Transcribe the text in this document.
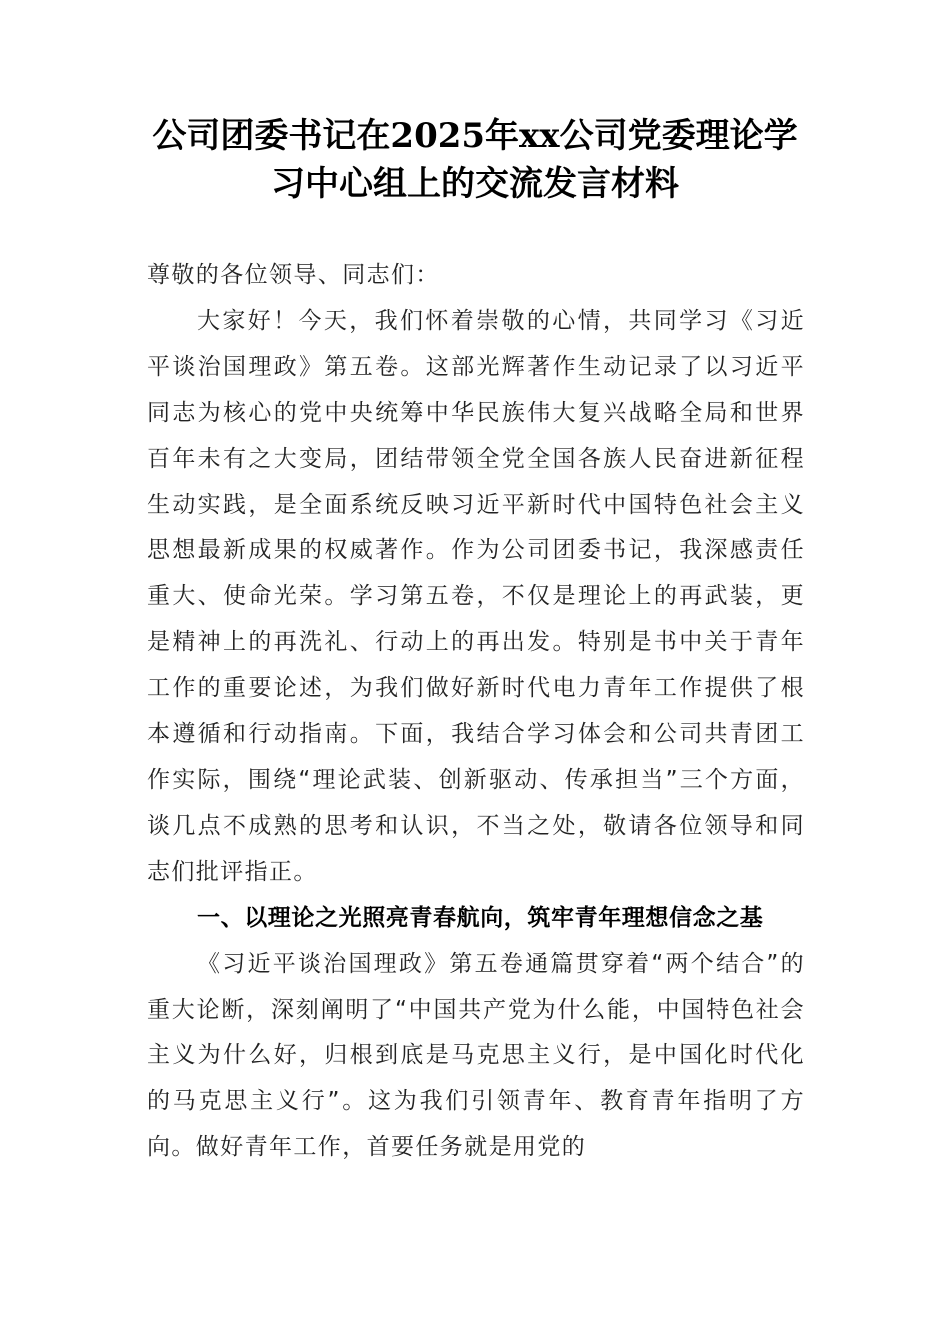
公司团委书记在2025年xx公司党委理论学
习中心组上的交流发言材料

尊敬的各位领导、同志们：

大家好！今天，我们怀着崇敬的心情，共同学习《习近平谈治国理政》第五卷。这部光辉著作生动记录了以习近平同志为核心的党中央统筹中华民族伟大复兴战略全局和世界百年未有之大变局，团结带领全党全国各族人民奋进新征程生动实践，是全面系统反映习近平新时代中国特色社会主义思想最新成果的权威著作。作为公司团委书记，我深感责任重大、使命光荣。学习第五卷，不仅是理论上的再武装，更是精神上的再洗礼、行动上的再出发。特别是书中关于青年工作的重要论述，为我们做好新时代电力青年工作提供了根本遵循和行动指南。下面，我结合学习体会和公司共青团工作实际，围绕“理论武装、创新驱动、传承担当”三个方面，谈几点不成熟的思考和认识，不当之处，敬请各位领导和同志们批评指正。

一、以理论之光照亮青春航向，筑牢青年理想信念之基

《习近平谈治国理政》第五卷通篇贯穿着“两个结合”的重大论断，深刻阐明了“中国共产党为什么能，中国特色社会主义为什么好，归根到底是马克思主义行，是中国化时代化的马克思主义行”。这为我们引领青年、教育青年指明了方向。做好青年工作，首要任务就是用党的
